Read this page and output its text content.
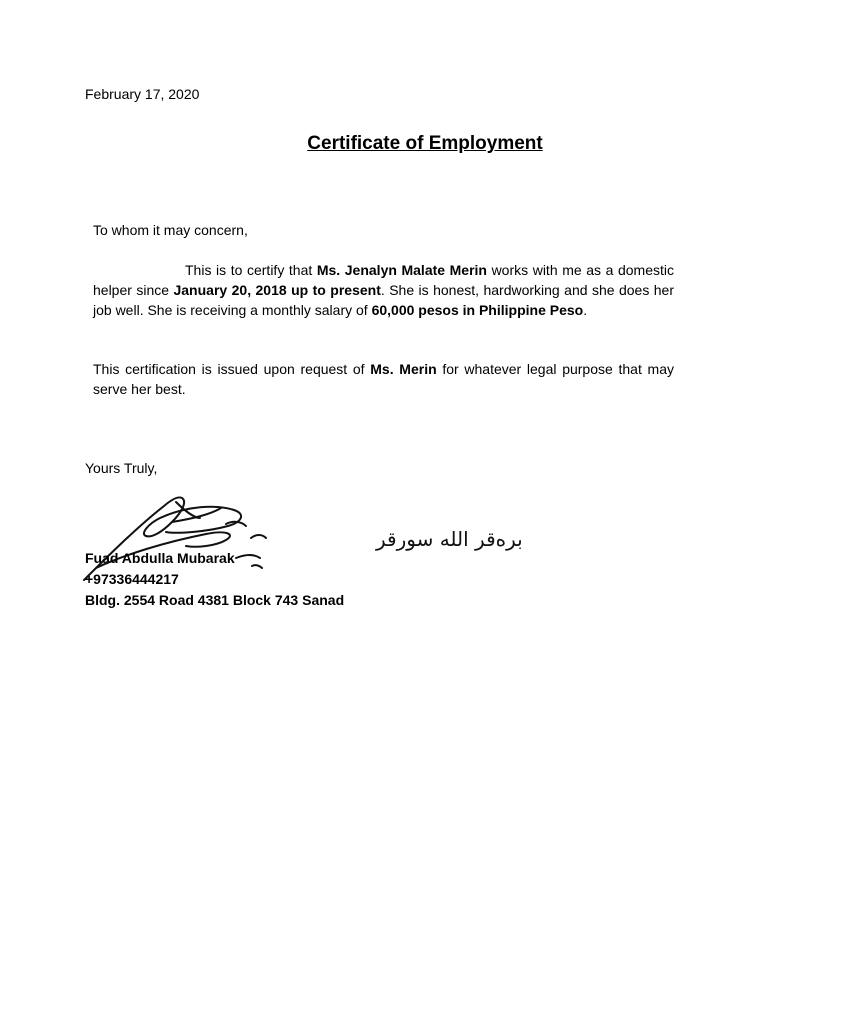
February 17, 2020
Certificate of Employment
To whom it may concern,
This is to certify that Ms. Jenalyn Malate Merin works with me as a domestic helper since January 20, 2018 up to present. She is honest, hardworking and she does her job well. She is receiving a monthly salary of 60,000 pesos in Philippine Peso.
This certification is issued upon request of Ms. Merin for whatever legal purpose that may serve her best.
Yours Truly,
ﺑﺮﻩﻗﺮ ﺍﻟﻠﻪ ﺳﻮﺭﻗﺮ
Fuad Abdulla Mubarak
+97336444217
Bldg. 2554 Road 4381 Block 743 Sanad
